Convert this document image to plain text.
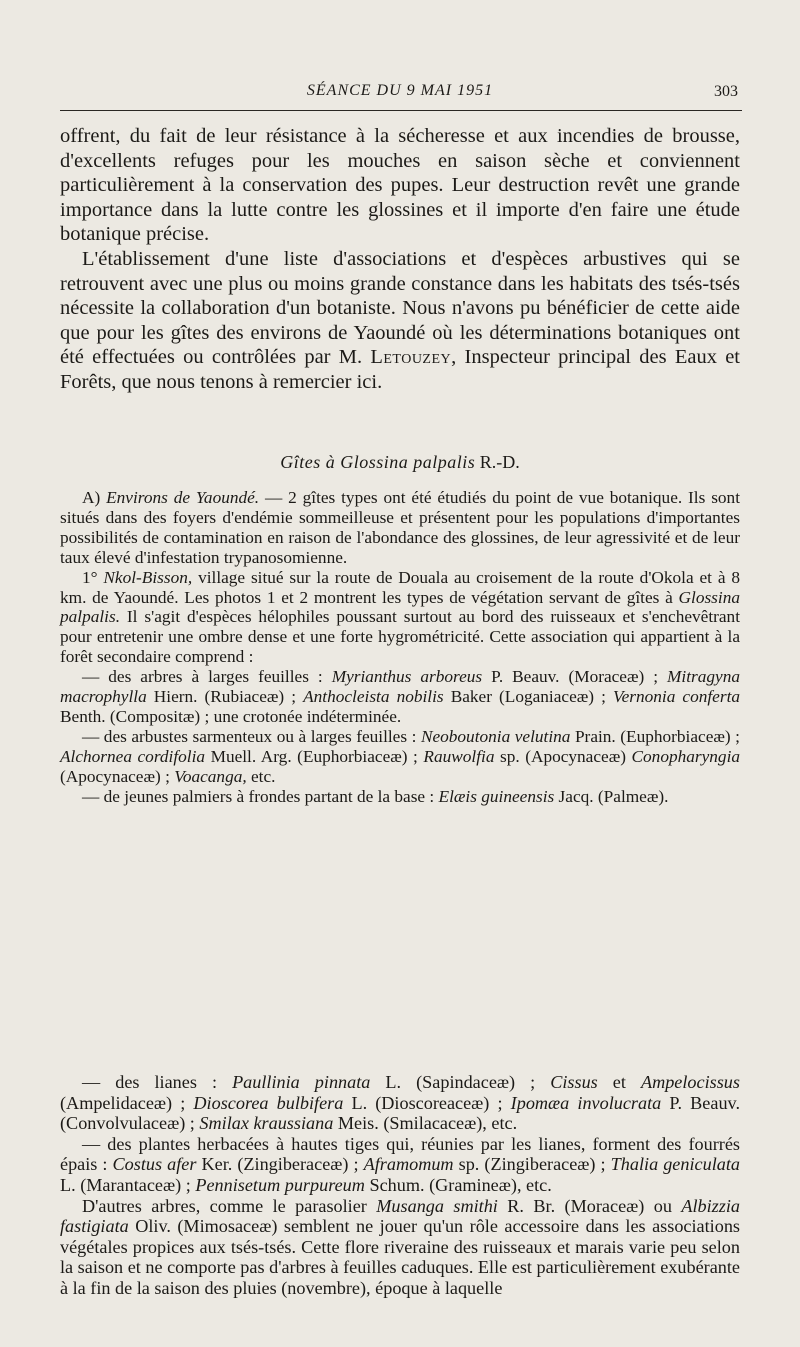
SÉANCE DU 9 MAI 1951	303

offrent, du fait de leur résistance à la sécheresse et aux incendies de brousse, d'excellents refuges pour les mouches en saison sèche et conviennent particulièrement à la conservation des pupes. Leur destruction revêt une grande importance dans la lutte contre les glossines et il importe d'en faire une étude botanique précise.

L'établissement d'une liste d'associations et d'espèces arbustives qui se retrouvent avec une plus ou moins grande constance dans les habitats des tsés-tsés nécessite la collaboration d'un botaniste. Nous n'avons pu bénéficier de cette aide que pour les gîtes des environs de Yaoundé où les déterminations botaniques ont été effectuées ou contrôlées par M. Letouzey, Inspecteur principal des Eaux et Forêts, que nous tenons à remercier ici.

Gîtes à Glossina palpalis R.-D.

A) Environs de Yaoundé. — 2 gîtes types ont été étudiés du point de vue botanique. Ils sont situés dans des foyers d'endémie sommeilleuse et présentent pour les populations d'importantes possibilités de contamination en raison de l'abondance des glossines, de leur agressivité et de leur taux élevé d'infestation trypanosomienne.

1° Nkol-Bisson, village situé sur la route de Douala au croisement de la route d'Okola et à 8 km. de Yaoundé. Les photos 1 et 2 montrent les types de végétation servant de gîtes à Glossina palpalis. Il s'agit d'espèces hélophiles poussant surtout au bord des ruisseaux et s'enchevêtrant pour entretenir une ombre dense et une forte hygrométricité. Cette association qui appartient à la forêt secondaire comprend :

— des arbres à larges feuilles : Myrianthus arboreus P. Beauv. (Moraceæ) ; Mitragyna macrophylla Hiern. (Rubiaceæ) ; Anthocleista nobilis Baker (Loganiaceæ) ; Vernonia conferta Benth. (Compositæ) ; une crotonée indéterminée.

— des arbustes sarmenteux ou à larges feuilles : Neoboutonia velutina Prain. (Euphorbiaceæ) ; Alchornea cordifolia Muell. Arg. (Euphorbiaceæ) ; Rauwolfia sp. (Apocynaceæ) Conopharyngia (Apocynaceæ) ; Voacanga, etc.

— de jeunes palmiers à frondes partant de la base : Elæis guineensis Jacq. (Palmeæ).

— des lianes : Paullinia pinnata L. (Sapindaceæ) ; Cissus et Ampelocissus (Ampelidaceæ) ; Dioscorea bulbifera L. (Dioscoreaceæ) ; Ipomæa involucrata P. Beauv. (Convolvulaceæ) ; Smilax kraussiana Meis. (Smilacaceæ), etc.

— des plantes herbacées à hautes tiges qui, réunies par les lianes, forment des fourrés épais : Costus afer Ker. (Zingiberaceæ) ; Aframomum sp. (Zingiberaceæ) ; Thalia geniculata L. (Marantaceæ) ; Pennisetum purpureum Schum. (Gramineæ), etc.

D'autres arbres, comme le parasolier Musanga smithi R. Br. (Moraceæ) ou Albizzia fastigiata Oliv. (Mimosaceæ) semblent ne jouer qu'un rôle accessoire dans les associations végétales propices aux tsés-tsés. Cette flore riveraine des ruisseaux et marais varie peu selon la saison et ne comporte pas d'arbres à feuilles caduques. Elle est particulièrement exubérante à la fin de la saison des pluies (novembre), époque à laquelle
